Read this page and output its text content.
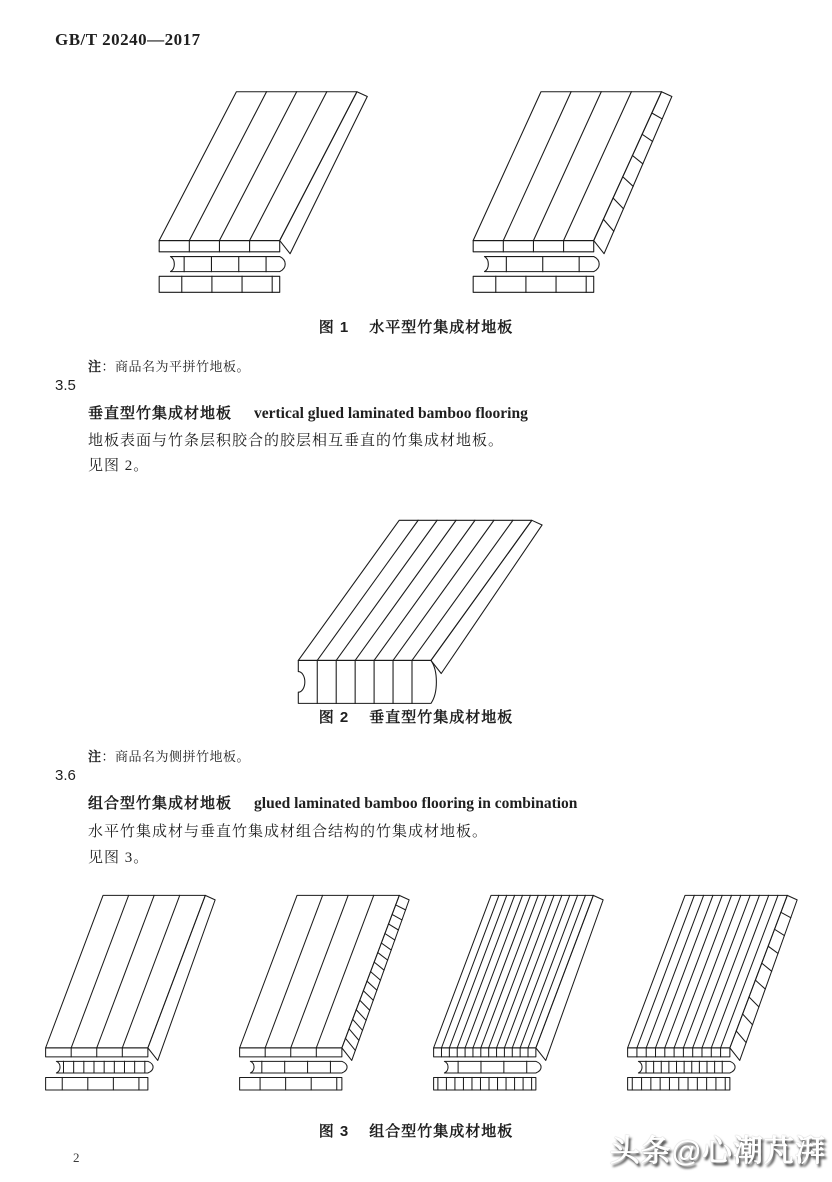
GB/T 20240—2017
图 1 水平型竹集成材地板
注：商品名为平拼竹地板。
3.5
垂直型竹集成材地板 vertical glued laminated bamboo flooring
地板表面与竹条层积胶合的胶层相互垂直的竹集成材地板。
见图 2。
图 2 垂直型竹集成材地板
注：商品名为侧拼竹地板。
3.6
组合型竹集成材地板 glued laminated bamboo flooring in combination
水平竹集成材与垂直竹集成材组合结构的竹集成材地板。
见图 3。
图 3 组合型竹集成材地板
2	头条@心潮芃湃
